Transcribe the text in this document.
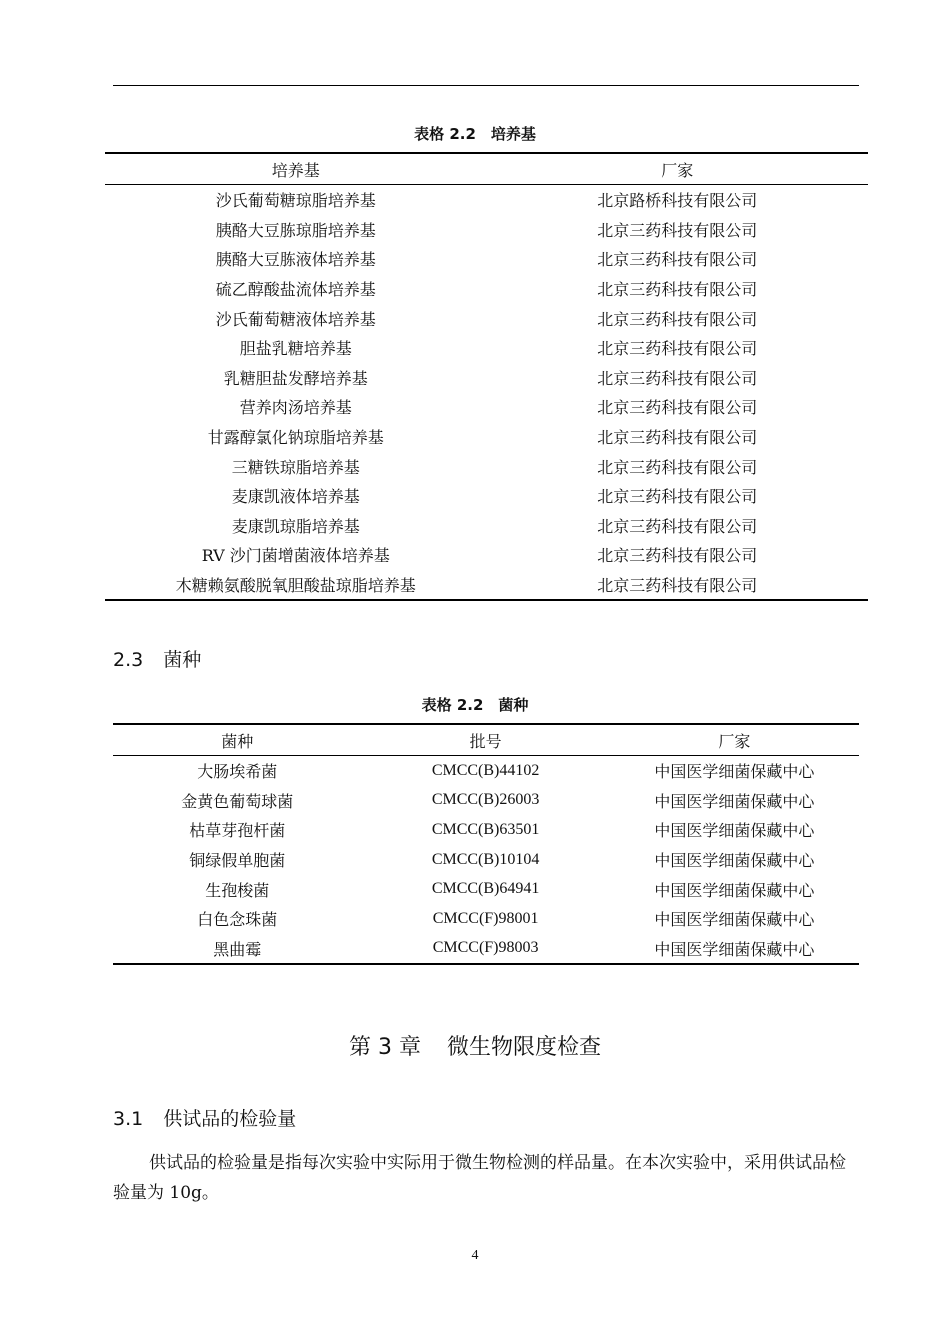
表格 2.2　培养基
培养基	厂家
沙氏葡萄糖琼脂培养基	北京路桥科技有限公司
胰酪大豆胨琼脂培养基	北京三药科技有限公司
胰酪大豆胨液体培养基	北京三药科技有限公司
硫乙醇酸盐流体培养基	北京三药科技有限公司
沙氏葡萄糖液体培养基	北京三药科技有限公司
胆盐乳糖培养基	北京三药科技有限公司
乳糖胆盐发酵培养基	北京三药科技有限公司
营养肉汤培养基	北京三药科技有限公司
甘露醇氯化钠琼脂培养基	北京三药科技有限公司
三糖铁琼脂培养基	北京三药科技有限公司
麦康凯液体培养基	北京三药科技有限公司
麦康凯琼脂培养基	北京三药科技有限公司
RV 沙门菌增菌液体培养基	北京三药科技有限公司
木糖赖氨酸脱氧胆酸盐琼脂培养基	北京三药科技有限公司
2.3 菌种
表格 2.2　菌种
菌种	批号	厂家
大肠埃希菌	CMCC(B)44102	中国医学细菌保藏中心
金黄色葡萄球菌	CMCC(B)26003	中国医学细菌保藏中心
枯草芽孢杆菌	CMCC(B)63501	中国医学细菌保藏中心
铜绿假单胞菌	CMCC(B)10104	中国医学细菌保藏中心
生孢梭菌	CMCC(B)64941	中国医学细菌保藏中心
白色念珠菌	CMCC(F)98001	中国医学细菌保藏中心
黑曲霉	CMCC(F)98003	中国医学细菌保藏中心
第 3 章 微生物限度检查
3.1 供试品的检验量

供试品的检验量是指每次实验中实际用于微生物检测的样品量。在本次实验中，采用供试品检验量为 10g。

4
